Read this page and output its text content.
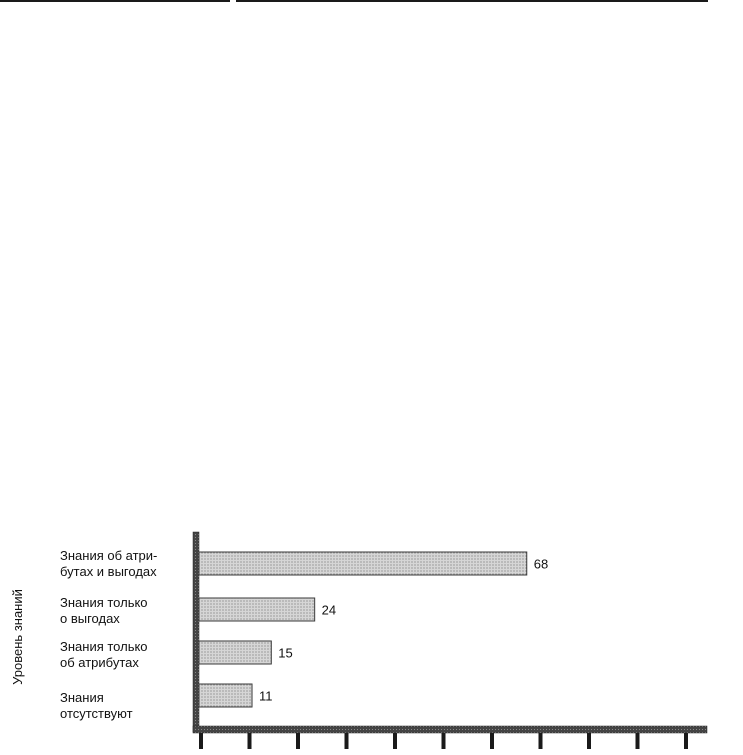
Уровень знаний
68
24
15
11
Знания об атри- бутах и выгодах
Знания только о выгодах
Знания только об атрибутах
Знания отсутствуют
